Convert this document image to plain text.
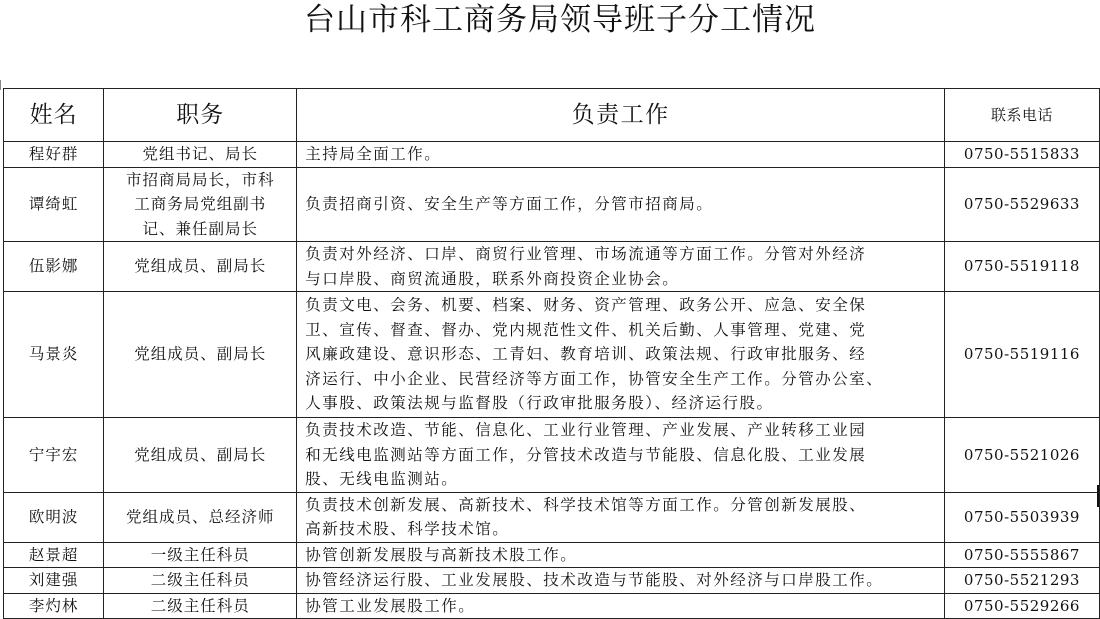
台山市科工商务局领导班子分工情况
姓名	职务	负责工作	联系电话
程好群	党组书记、局长	主持局全面工作。	0750-5515833
谭绮虹	市招商局局长，市科
工商务局党组副书
记、兼任副局长	负责招商引资、安全生产等方面工作，分管市招商局。	0750-5529633
伍影娜	党组成员、副局长	负责对外经济、口岸、商贸行业管理、市场流通等方面工作。分管对外经济
与口岸股、商贸流通股，联系外商投资企业协会。	0750-5519118
马景炎	党组成员、副局长	负责文电、会务、机要、档案、财务、资产管理、政务公开、应急、安全保
卫、宣传、督查、督办、党内规范性文件、机关后勤、人事管理、党建、党
风廉政建设、意识形态、工青妇、教育培训、政策法规、行政审批服务、经
济运行、中小企业、民营经济等方面工作，协管安全生产工作。分管办公室、
人事股、政策法规与监督股（行政审批服务股）、经济运行股。	0750-5519116
宁宇宏	党组成员、副局长	负责技术改造、节能、信息化、工业行业管理、产业发展、产业转移工业园
和无线电监测站等方面工作，分管技术改造与节能股、信息化股、工业发展
股、无线电监测站。	0750-5521026
欧明波	党组成员、总经济师	负责技术创新发展、高新技术、科学技术馆等方面工作。分管创新发展股、
高新技术股、科学技术馆。	0750-5503939
赵景超	一级主任科员	协管创新发展股与高新技术股工作。	0750-5555867
刘建强	二级主任科员	协管经济运行股、工业发展股、技术改造与节能股、对外经济与口岸股工作。	0750-5521293
李灼林	二级主任科员	协管工业发展股工作。	0750-5529266
